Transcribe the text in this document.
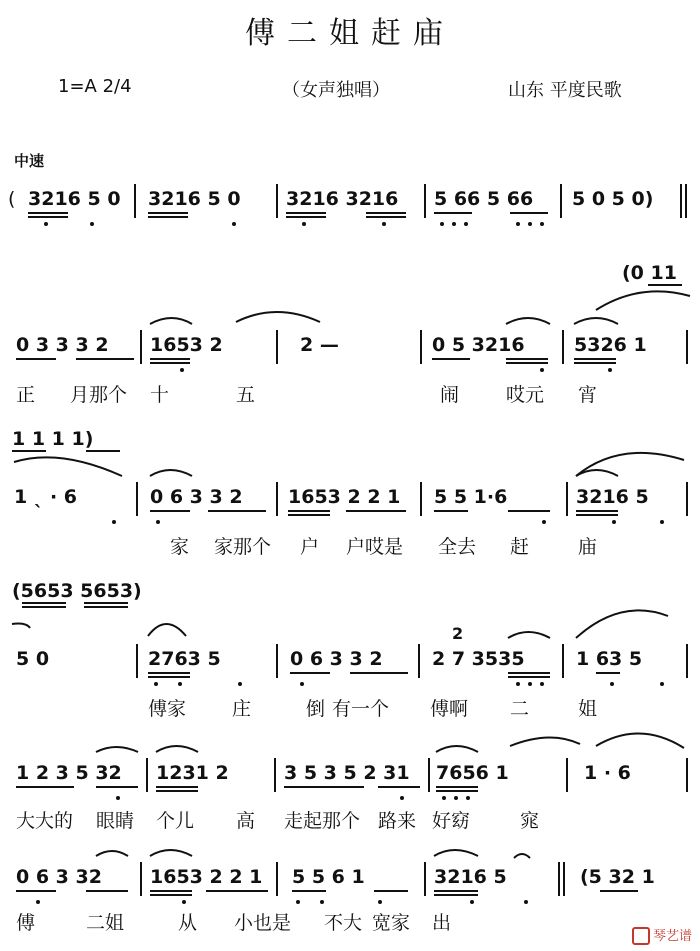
傅二姐赶庙
1=A 2/4	（女声独唱）	山东 平度民歌
中速
( 3216 5 0 3216 5 0 3216 3216 5 66 5 66 5 0 5 0)
(0 11
0 3 3 3 2 1653 2	2 —	0 5 3216	5326 1
正 月那个 十	五	闹 哎元 宵
1 1 1 1)
1 ˎ · 6	0 6 3 3 2 1653 2 2 1 5 5 1·6	3216 5
家 家那个 户 户哎是 全去 赶	庙
(5653 5653)
5 0	2763 5	0 6 3 3 2	2 7 3535	1 63 5
2
傅家 庄	倒 有一个 傅啊 二	姐
1 2 3 5 32 1231 2	3 5 3 5 2 31 7656 1	1 · 6
大大的 眼睛 个儿 高 走起那个 路来 好窈	窕
0 6 3 32	1653 2 2 1 5 5 6 1	3216 5	(5 32 1
傅	二姐	从 小也是 不大 宽家 出
琴艺谱
